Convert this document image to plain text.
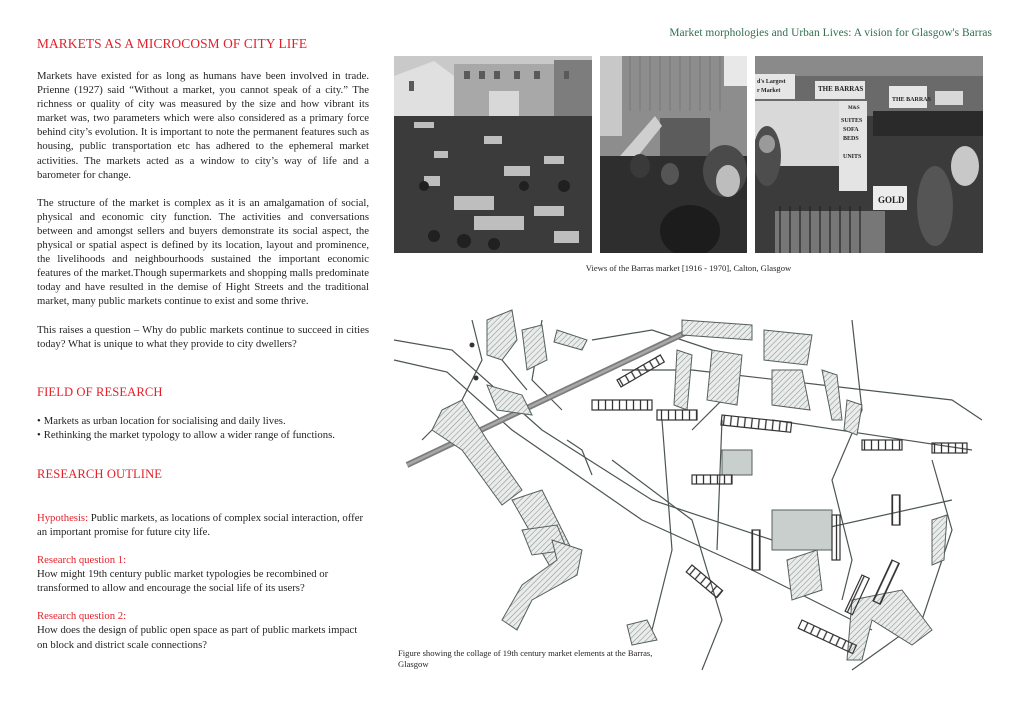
Market morphologies and Urban Lives: A vision for Glasgow's Barras
MARKETS AS A MICROCOSM OF CITY LIFE

Markets have existed for as long as humans have been involved in trade. Prienne (1927) said “Without a market, you cannot speak of a city.” The richness or quality of city was measured by the size and how vibrant its market was, two parameters which were also considered as a primary force behind city’s evolution. It is important to note the permanent features such as housing, public transportation etc has adhered to the ephemeral market activities. The markets acted as a window to city’s way of life and a barometer for change.

The structure of the market is complex as it is an amalgamation of social, physical and economic city function. The activities and conversations between and amongst sellers and buyers demonstrate its social aspect, the physical or spatial aspect is defined by its location, layout and prominence, the livelihoods and neighbourhoods sustained the important economic features of the market.Though supermarkets and shopping malls predominate today and have resulted in the demise of Hight Streets and the traditional market, many public markets continue to exist and some thrive.

This raises a question – Why do public markets continue to succeed in cities today? What is unique to what they provide to city dwellers?

FIELD OF RESEARCH
• Markets as urban location for socialising and daily lives.
• Rethinking the market typology to allow a wider range of functions.
RESEARCH OUTLINE

Hypothesis: Public markets, as locations of complex social interaction, offer an important promise for future city life.

Research question 1:

How might 19th century public market typologies be recombined or transformed to allow and encourage the social life of its users?

Research question 2:

How does the design of public open space as part of public markets impact on block and district scale connections?

d's Largest
r Market	THE BARRAS
M&S
SUITES
SOFA
BEDS
UNITS
THE BARRAS
GOLD
Views of the Barras market [1916 - 1970], Calton, Glasgow
Figure showing the collage of 19th century market elements at the Barras, Glasgow
